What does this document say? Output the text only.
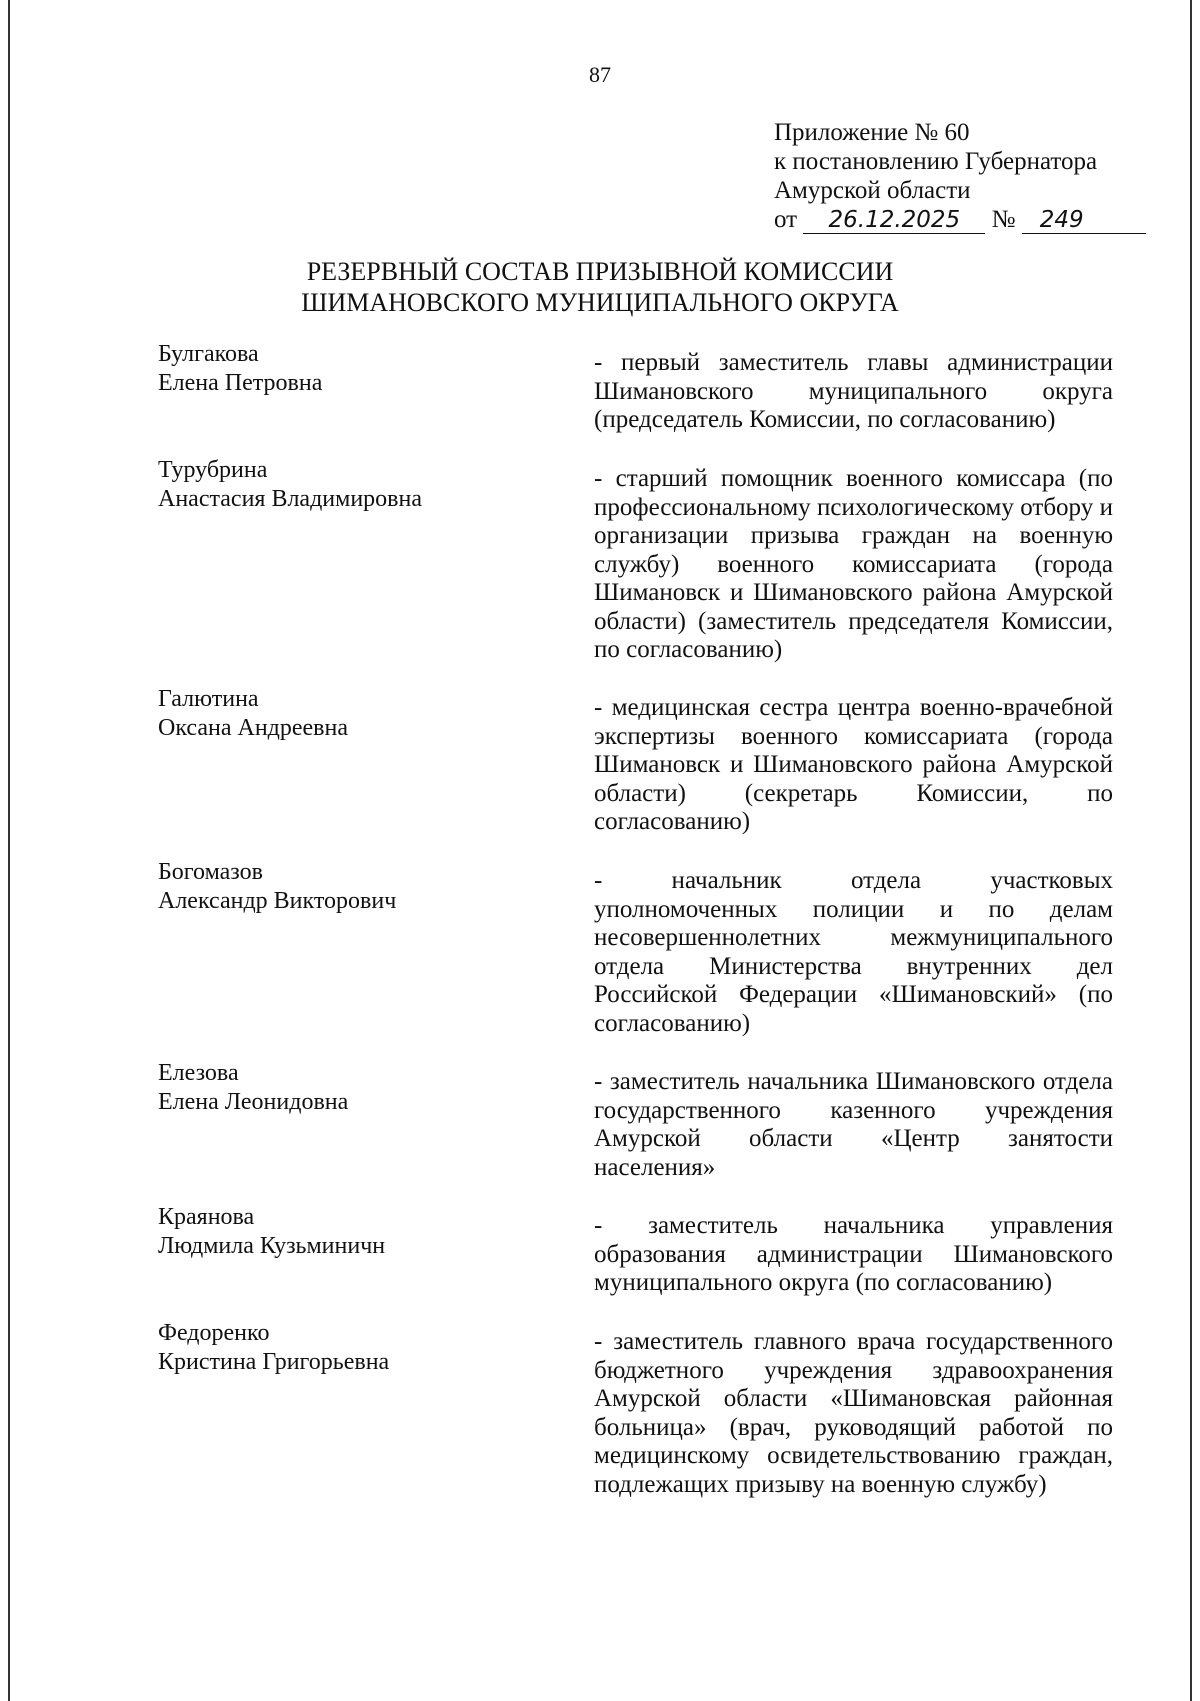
87
Приложение № 60
к постановлению Губернатора
Амурской области
от 26.12.2025 № 249
РЕЗЕРВНЫЙ СОСТАВ ПРИЗЫВНОЙ КОМИССИИ
ШИМАНОВСКОГО МУНИЦИПАЛЬНОГО ОКРУГА
Булгакова
Елена Петровна
- первый заместитель главы администрации Шимановского муниципального округа (председатель Комиссии, по согласованию)
Турубрина
Анастасия Владимировна
- старший помощник военного комиссара (по профессиональному психологическому отбору и организации призыва граждан на военную службу) военного комиссариата (города Шимановск и Шимановского района Амурской области) (заместитель председателя Комиссии, по согласованию)
Галютина
Оксана Андреевна
- медицинская сестра центра военно-врачебной экспертизы военного комиссариата (города Шимановск и Шимановского района Амурской области) (секретарь Комиссии, по согласованию)
Богомазов
Александр Викторович
- начальник отдела участковых уполномоченных полиции и по делам несовершеннолетних межмуниципального отдела Министерства внутренних дел Российской Федерации «Шимановский» (по согласованию)
Елезова
Елена Леонидовна
- заместитель начальника Шимановского отдела государственного казенного учреждения Амурской области «Центр занятости населения»
Краянова
Людмила Кузьминичн
- заместитель начальника управления образования администрации Шимановского муниципального округа (по согласованию)
Федоренко
Кристина Григорьевна
- заместитель главного врача государственного бюджетного учреждения здравоохранения Амурской области «Шимановская районная больница» (врач, руководящий работой по медицинскому освидетельствованию граждан, подлежащих призыву на военную службу)
